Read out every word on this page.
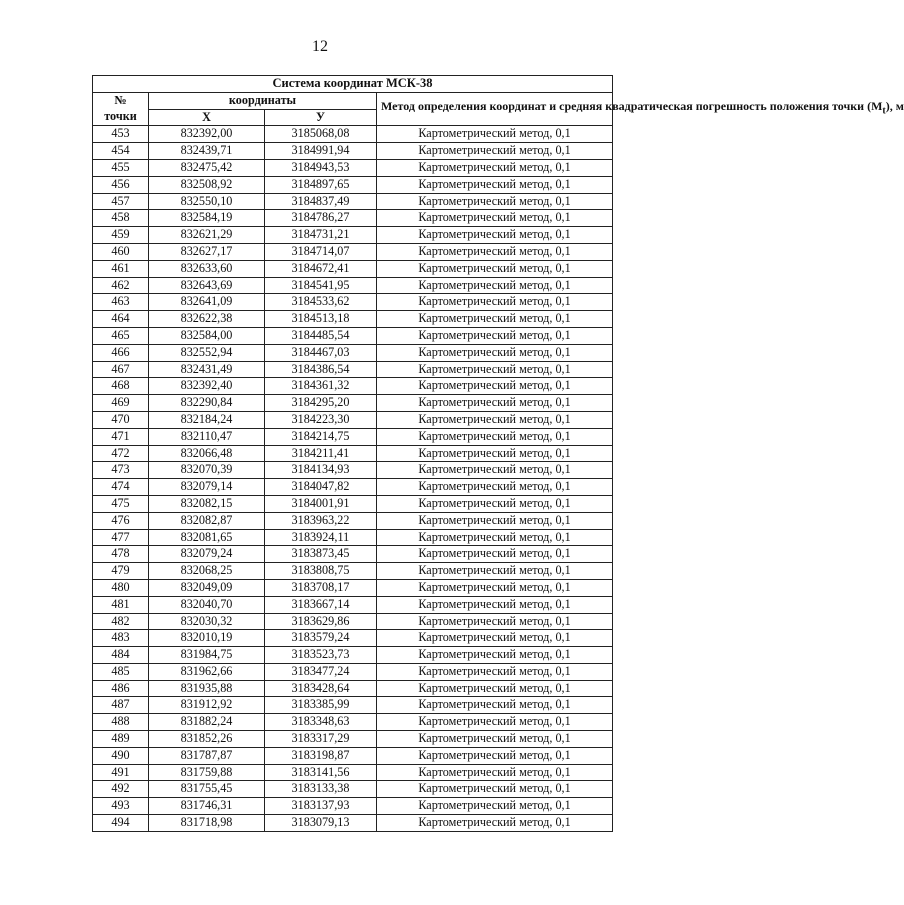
12
Система координат МСК-38			
№
точки	координаты		Метод определения координат и средняя квадратическая погрешность положения точки $(M_t)$, м
	X	У	
453	832392,00	3185068,08	Картометрический метод, 0,1
454	832439,71	3184991,94	Картометрический метод, 0,1
455	832475,42	3184943,53	Картометрический метод, 0,1
456	832508,92	3184897,65	Картометрический метод, 0,1
457	832550,10	3184837,49	Картометрический метод, 0,1
458	832584,19	3184786,27	Картометрический метод, 0,1
459	832621,29	3184731,21	Картометрический метод, 0,1
460	832627,17	3184714,07	Картометрический метод, 0,1
461	832633,60	3184672,41	Картометрический метод, 0,1
462	832643,69	3184541,95	Картометрический метод, 0,1
463	832641,09	3184533,62	Картометрический метод, 0,1
464	832622,38	3184513,18	Картометрический метод, 0,1
465	832584,00	3184485,54	Картометрический метод, 0,1
466	832552,94	3184467,03	Картометрический метод, 0,1
467	832431,49	3184386,54	Картометрический метод, 0,1
468	832392,40	3184361,32	Картометрический метод, 0,1
469	832290,84	3184295,20	Картометрический метод, 0,1
470	832184,24	3184223,30	Картометрический метод, 0,1
471	832110,47	3184214,75	Картометрический метод, 0,1
472	832066,48	3184211,41	Картометрический метод, 0,1
473	832070,39	3184134,93	Картометрический метод, 0,1
474	832079,14	3184047,82	Картометрический метод, 0,1
475	832082,15	3184001,91	Картометрический метод, 0,1
476	832082,87	3183963,22	Картометрический метод, 0,1
477	832081,65	3183924,11	Картометрический метод, 0,1
478	832079,24	3183873,45	Картометрический метод, 0,1
479	832068,25	3183808,75	Картометрический метод, 0,1
480	832049,09	3183708,17	Картометрический метод, 0,1
481	832040,70	3183667,14	Картометрический метод, 0,1
482	832030,32	3183629,86	Картометрический метод, 0,1
483	832010,19	3183579,24	Картометрический метод, 0,1
484	831984,75	3183523,73	Картометрический метод, 0,1
485	831962,66	3183477,24	Картометрический метод, 0,1
486	831935,88	3183428,64	Картометрический метод, 0,1
487	831912,92	3183385,99	Картометрический метод, 0,1
488	831882,24	3183348,63	Картометрический метод, 0,1
489	831852,26	3183317,29	Картометрический метод, 0,1
490	831787,87	3183198,87	Картометрический метод, 0,1
491	831759,88	3183141,56	Картометрический метод, 0,1
492	831755,45	3183133,38	Картометрический метод, 0,1
493	831746,31	3183137,93	Картометрический метод, 0,1
494	831718,98	3183079,13	Картометрический метод, 0,1
